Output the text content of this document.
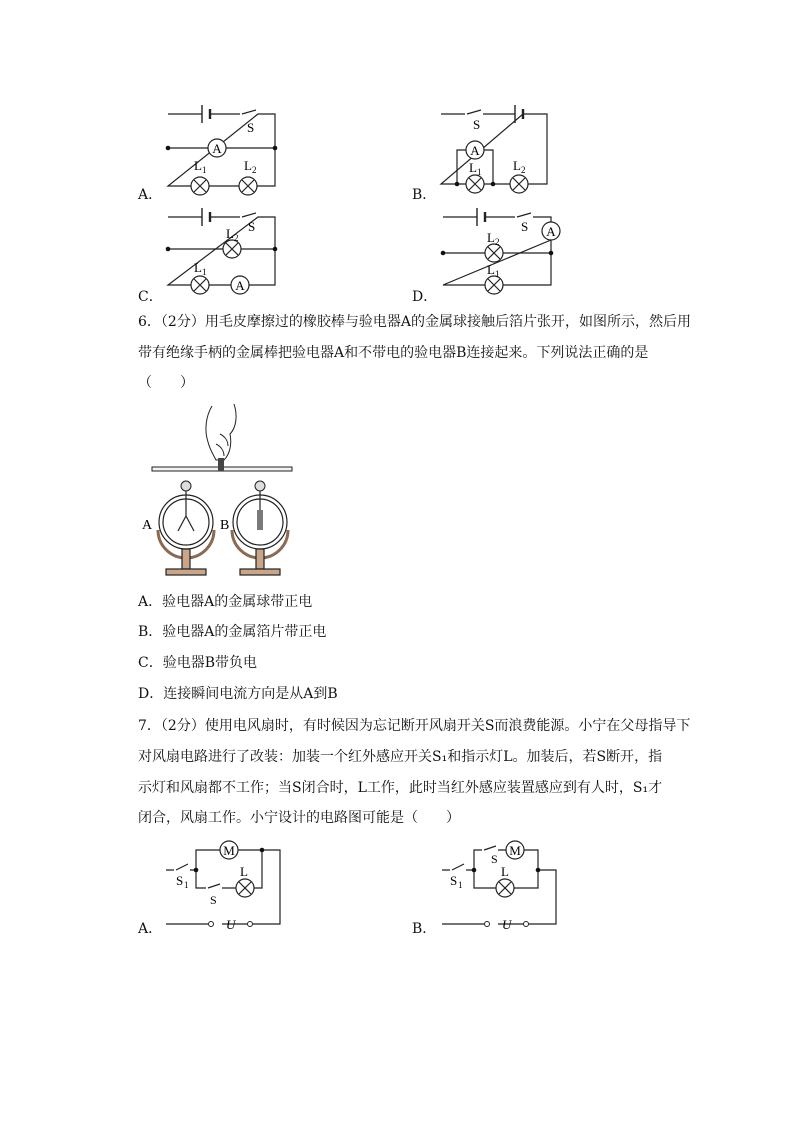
A
S
L 1	L 2
A．
A
S
L 1 L 2
B．
A
S
L 2
L 1
C．
A
S
L 2
L 1
D．
6．（2分）用毛皮摩擦过的橡胶棒与验电器A的金属球接触后箔片张开，如图所示，然后用
带有绝缘手柄的金属棒把验电器A和不带电的验电器B连接起来。下列说法正确的是
（　　）
A	B
A．验电器A的金属球带正电
B．验电器A的金属箔片带正电
C．验电器B带负电
D．连接瞬间电流方向是从A到B
7．（2分）使用电风扇时，有时候因为忘记断开风扇开关S而浪费能源。小宁在父母指导下
对风扇电路进行了改装：加装一个红外感应开关S₁和指示灯L。加装后，若S断开，指
示灯和风扇都不工作；当S闭合时，L工作，此时当红外感应装置感应到有人时，S₁才
闭合，风扇工作。小宁设计的电路图可能是（　　）
M
S 1
S
L
U
A．
M
S
S 1
L
U
B．
